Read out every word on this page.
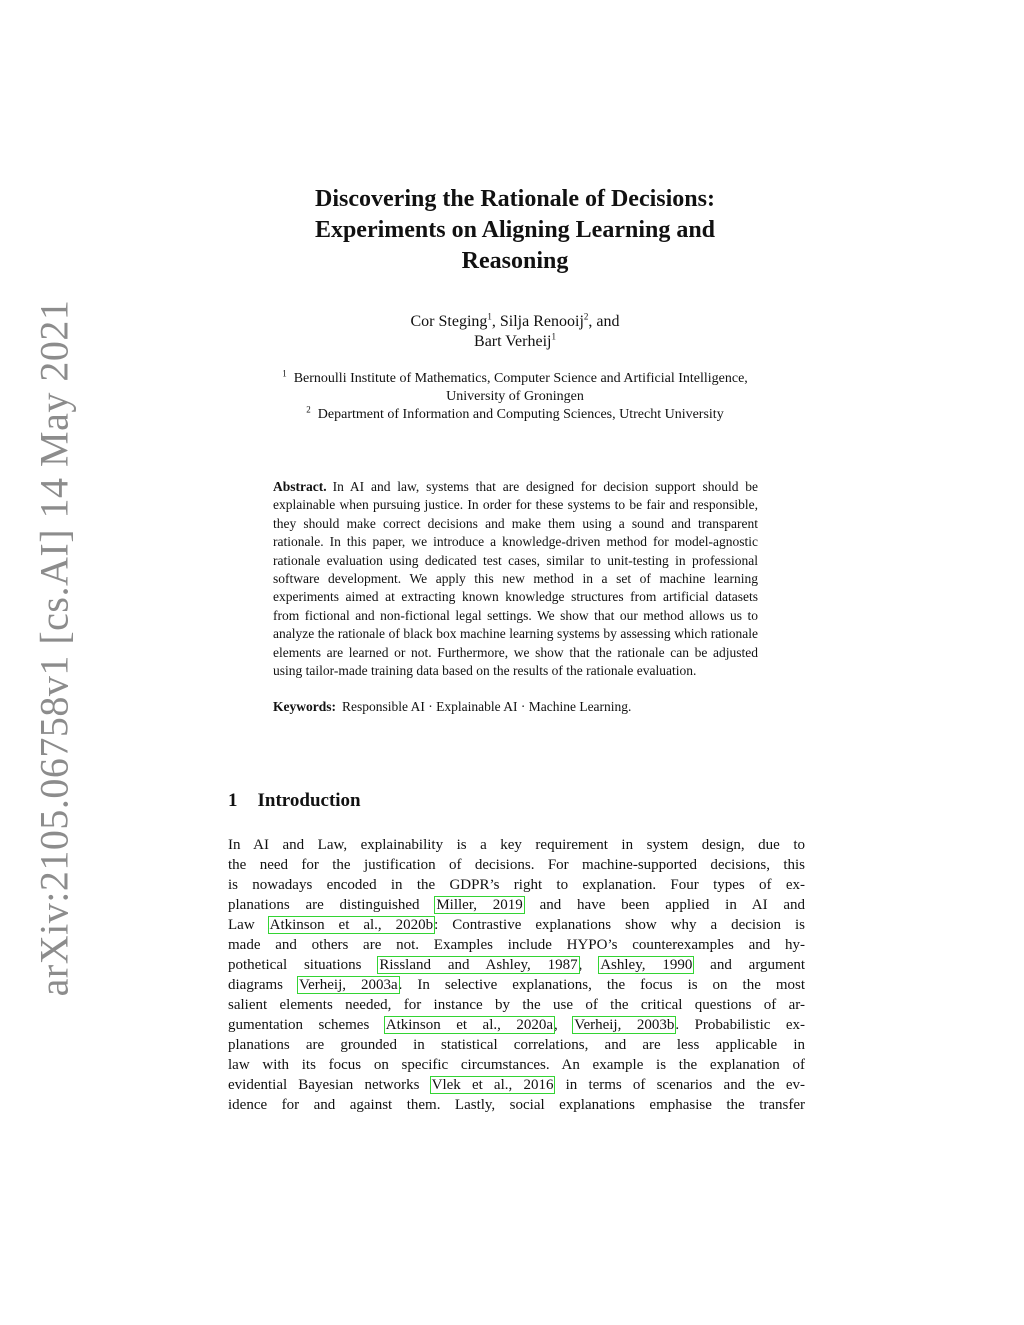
arXiv:2105.06758v1 [cs.AI] 14 May 2021
Discovering the Rationale of Decisions:
Experiments on Aligning Learning and
Reasoning
Cor Steging$^1$, Silja Renooij$^2$, and
Bart Verheij$^1$
$^1$ Bernoulli Institute of Mathematics, Computer Science and Artificial Intelligence,
University of Groningen
$^2$ Department of Information and Computing Sciences, Utrecht University

Abstract. In AI and law, systems that are designed for decision support should be explainable when pursuing justice. In order for these systems to be fair and responsible, they should make correct decisions and make them using a sound and transparent rationale. In this paper, we introduce a knowledge-driven method for model-agnostic rationale evaluation using dedicated test cases, similar to unit-testing in professional software development. We apply this new method in a set of machine learning experiments aimed at extracting known knowledge structures from artificial datasets from fictional and non-fictional legal settings. We show that our method allows us to analyze the rationale of black box machine learning systems by assessing which rationale elements are learned or not. Furthermore, we show that the rationale can be adjusted using tailor-made training data based on the results of the rationale evaluation.

Keywords: Responsible AI · Explainable AI · Machine Learning.

1 Introduction
In AI and Law, explainability is a key requirement in system design, due to
the need for the justification of decisions. For machine-supported decisions, this
is nowadays encoded in the GDPR’s right to explanation. Four types of ex-
planations are distinguished Miller, 2019 and have been applied in AI and
Law Atkinson et al., 2020b: Contrastive explanations show why a decision is
made and others are not. Examples include HYPO’s counterexamples and hy-
pothetical situations Rissland and Ashley, 1987, Ashley, 1990 and argument
diagrams Verheij, 2003a. In selective explanations, the focus is on the most
salient elements needed, for instance by the use of the critical questions of ar-
gumentation schemes Atkinson et al., 2020a, Verheij, 2003b. Probabilistic ex-
planations are grounded in statistical correlations, and are less applicable in
law with its focus on specific circumstances. An example is the explanation of
evidential Bayesian networks Vlek et al., 2016 in terms of scenarios and the ev-
idence for and against them. Lastly, social explanations emphasise the transfer
